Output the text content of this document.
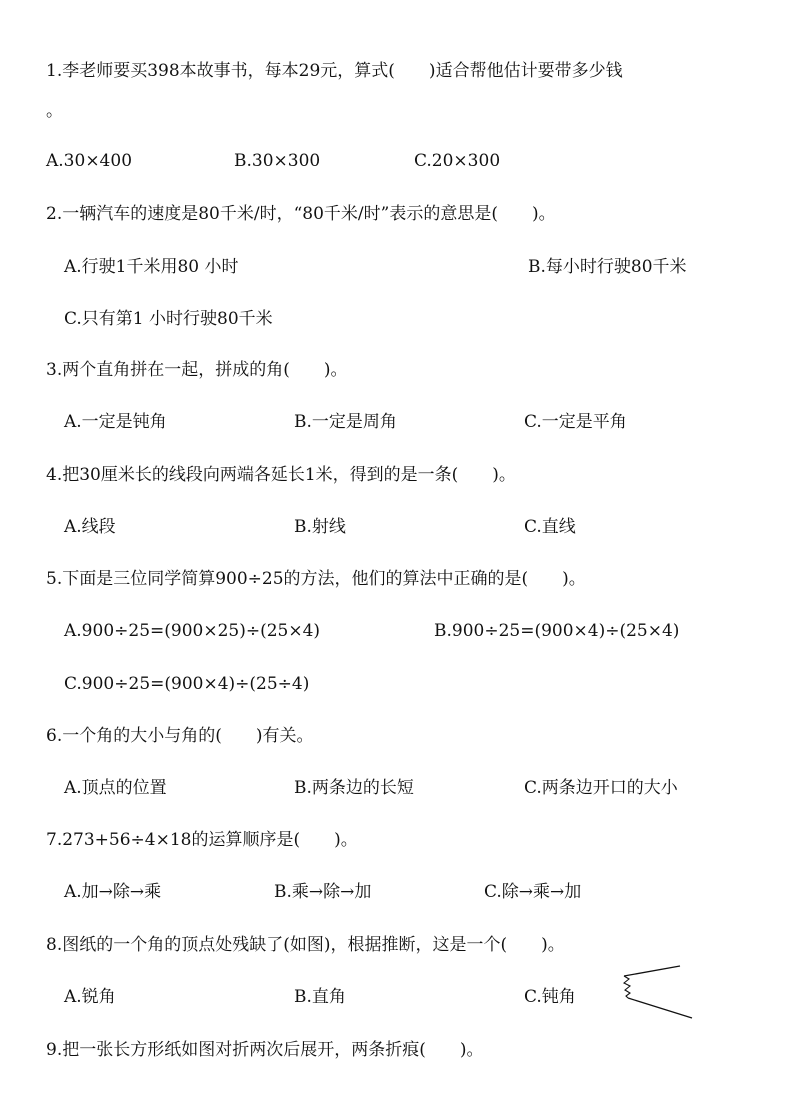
1.李老师要买398本故事书，每本29元，算式(　　)适合帮他估计要带多少钱
。
A.30×400	B.30×300	C.20×300
2.一辆汽车的速度是80千米/时，“80千米/时”表示的意思是(　　)。
A.行驶1千米用80 小时	B.每小时行驶80千米
C.只有第1 小时行驶80千米
3.两个直角拼在一起，拼成的角(　　)。
A.一定是钝角	B.一定是周角	C.一定是平角
4.把30厘米长的线段向两端各延长1米，得到的是一条(　　)。
A.线段	B.射线	C.直线
5.下面是三位同学简算900÷25的方法，他们的算法中正确的是(　　)。
A.900÷25=(900×25)÷(25×4)	B.900÷25=(900×4)÷(25×4)
C.900÷25=(900×4)÷(25÷4)
6.一个角的大小与角的(　　)有关。
A.顶点的位置	B.两条边的长短	C.两条边开口的大小
7.273+56÷4×18的运算顺序是(　　)。
A.加→除→乘	B.乘→除→加	C.除→乘→加
8.图纸的一个角的顶点处残缺了(如图)，根据推断，这是一个(　　)。
A.锐角	B.直角	C.钝角
9.把一张长方形纸如图对折两次后展开，两条折痕(　　)。
